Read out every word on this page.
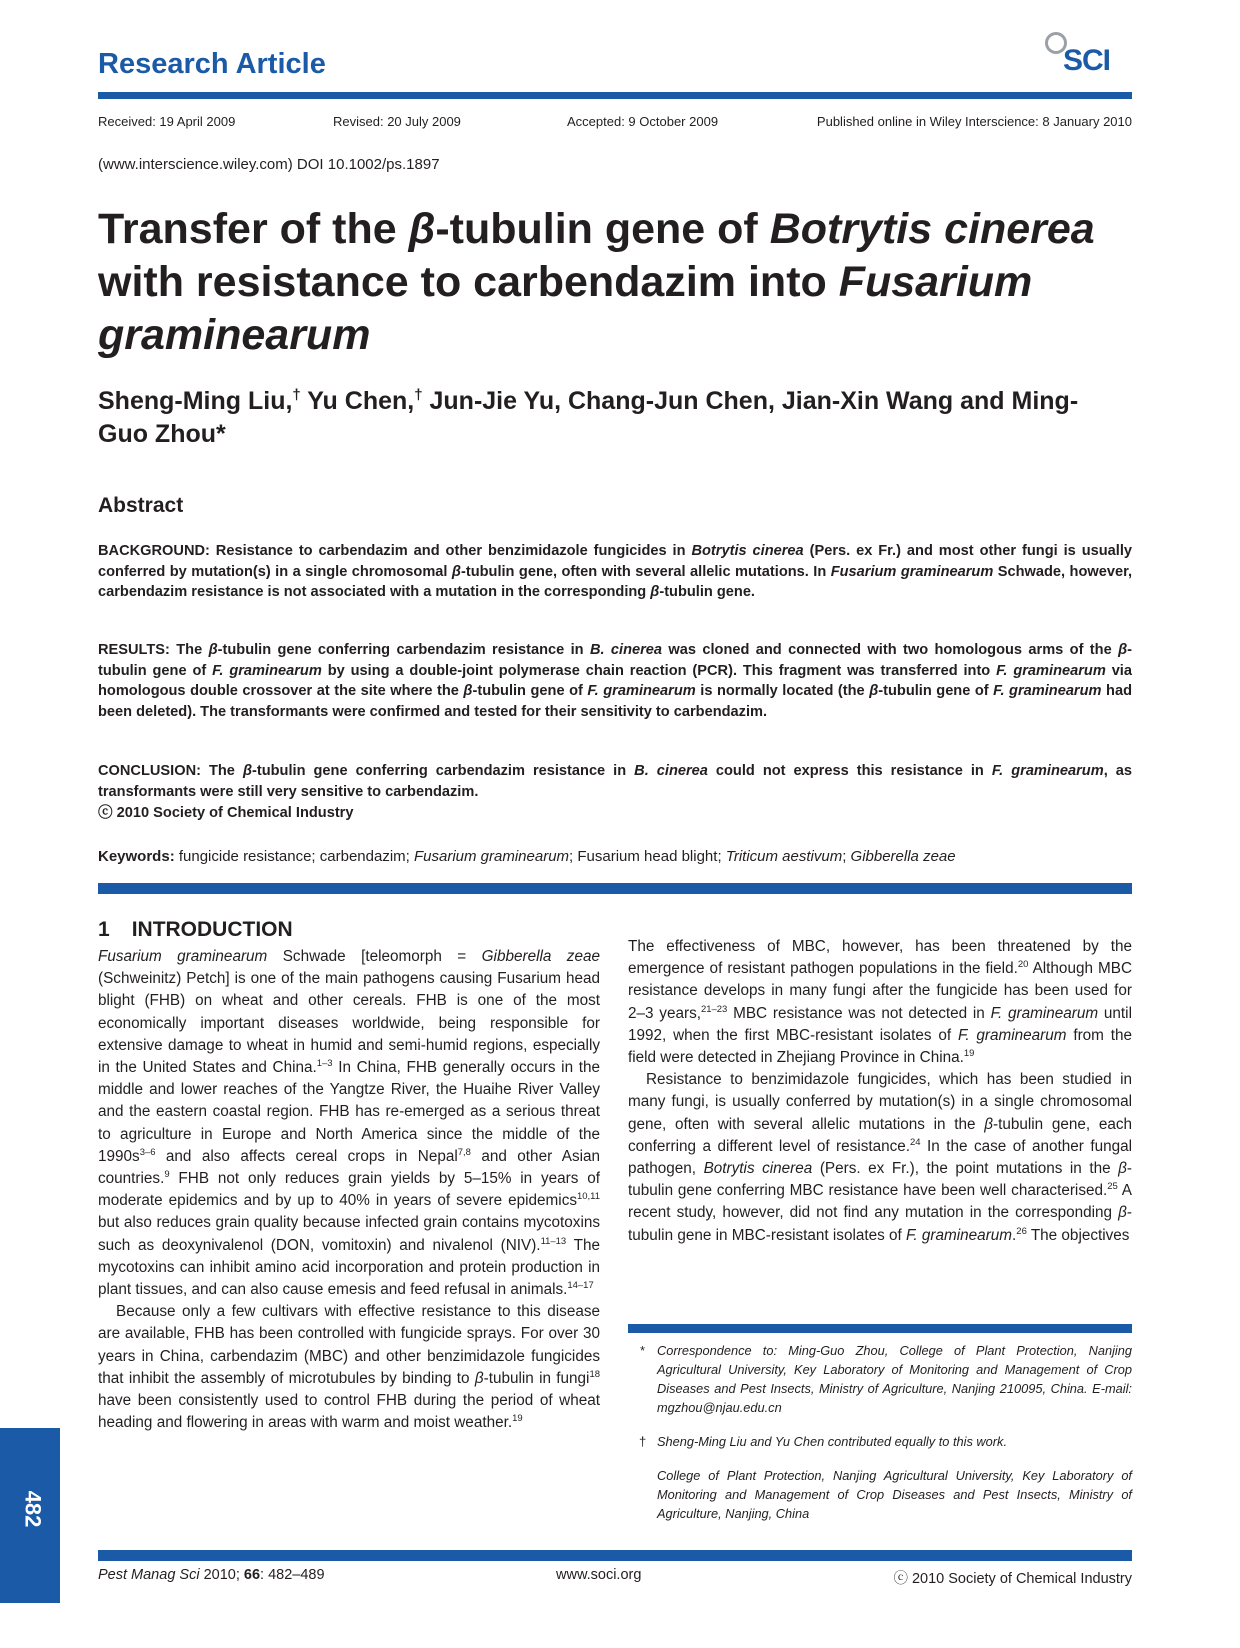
Research Article	SCI
Received: 19 April 2009	Revised: 20 July 2009	Accepted: 9 October 2009	Published online in Wiley Interscience: 8 January 2010
(www.interscience.wiley.com) DOI 10.1002/ps.1897
Transfer of the β-tubulin gene of Botrytis cinerea with resistance to carbendazim into Fusarium graminearum
Sheng-Ming Liu,† Yu Chen,† Jun-Jie Yu, Chang-Jun Chen, Jian-Xin Wang and Ming-Guo Zhou*
Abstract
BACKGROUND: Resistance to carbendazim and other benzimidazole fungicides in Botrytis cinerea (Pers. ex Fr.) and most other fungi is usually conferred by mutation(s) in a single chromosomal β-tubulin gene, often with several allelic mutations. In Fusarium graminearum Schwade, however, carbendazim resistance is not associated with a mutation in the corresponding β-tubulin gene.
RESULTS: The β-tubulin gene conferring carbendazim resistance in B. cinerea was cloned and connected with two homologous arms of the β-tubulin gene of F. graminearum by using a double-joint polymerase chain reaction (PCR). This fragment was transferred into F. graminearum via homologous double crossover at the site where the β-tubulin gene of F. graminearum is normally located (the β-tubulin gene of F. graminearum had been deleted). The transformants were confirmed and tested for their sensitivity to carbendazim.
CONCLUSION: The β-tubulin gene conferring carbendazim resistance in B. cinerea could not express this resistance in F. graminearum, as transformants were still very sensitive to carbendazim.
ⓒ 2010 Society of Chemical Industry
Keywords: fungicide resistance; carbendazim; Fusarium graminearum; Fusarium head blight; Triticum aestivum; Gibberella zeae
1 INTRODUCTION

Fusarium graminearum Schwade [teleomorph = Gibberella zeae (Schweinitz) Petch] is one of the main pathogens causing Fusarium head blight (FHB) on wheat and other cereals. FHB is one of the most economically important diseases worldwide, being responsible for extensive damage to wheat in humid and semi-humid regions, especially in the United States and China.$^{1-3}$ In China, FHB generally occurs in the middle and lower reaches of the Yangtze River, the Huaihe River Valley and the eastern coastal region. FHB has re-emerged as a serious threat to agriculture in Europe and North America since the middle of the $1990s^{3-6}$ and also affects cereal crops in Nepal$^{7,8}$ and other Asian countries.$^9$ FHB not only reduces grain yields by 5–15% in years of moderate epidemics and by up to 40% in years of severe epidemics$^{10,11}$ but also reduces grain quality because infected grain contains mycotoxins such as deoxynivalenol (DON, vomitoxin) and nivalenol (NIV).$^{11-13}$ The mycotoxins can inhibit amino acid incorporation and protein production in plant tissues, and can also cause emesis and feed refusal in animals.$^{14-17}$

Because only a few cultivars with effective resistance to this disease are available, FHB has been controlled with fungicide sprays. For over 30 years in China, carbendazim (MBC) and other benzimidazole fungicides that inhibit the assembly of microtubules by binding to β-tubulin in fungi$^{18}$ have been consistently used to control FHB during the period of wheat heading and flowering in areas with warm and moist weather.$^{19}$

The effectiveness of MBC, however, has been threatened by the emergence of resistant pathogen populations in the field.$^{20}$ Although MBC resistance develops in many fungi after the fungicide has been used for 2–3 years,$^{21-23}$ MBC resistance was not detected in F. graminearum until 1992, when the first MBC-resistant isolates of F. graminearum from the field were detected in Zhejiang Province in China.$^{19}$

Resistance to benzimidazole fungicides, which has been studied in many fungi, is usually conferred by mutation(s) in a single chromosomal gene, often with several allelic mutations in the β-tubulin gene, each conferring a different level of resistance.$^{24}$ In the case of another fungal pathogen, Botrytis cinerea (Pers. ex Fr.), the point mutations in the β-tubulin gene conferring MBC resistance have been well characterised.$^{25}$ A recent study, however, did not find any mutation in the corresponding β-tubulin gene in MBC-resistant isolates of F. graminearum.$^{26}$ The objectives

* Correspondence to: Ming-Guo Zhou, College of Plant Protection, Nanjing Agricultural University, Key Laboratory of Monitoring and Management of Crop Diseases and Pest Insects, Ministry of Agriculture, Nanjing 210095, China. E-mail: mgzhou@njau.edu.cn
† Sheng-Ming Liu and Yu Chen contributed equally to this work.
College of Plant Protection, Nanjing Agricultural University, Key Laboratory of Monitoring and Management of Crop Diseases and Pest Insects, Ministry of Agriculture, Nanjing, China
482
Pest Manag Sci 2010; 66: 482–489	www.soci.org	ⓒ 2010 Society of Chemical Industry
